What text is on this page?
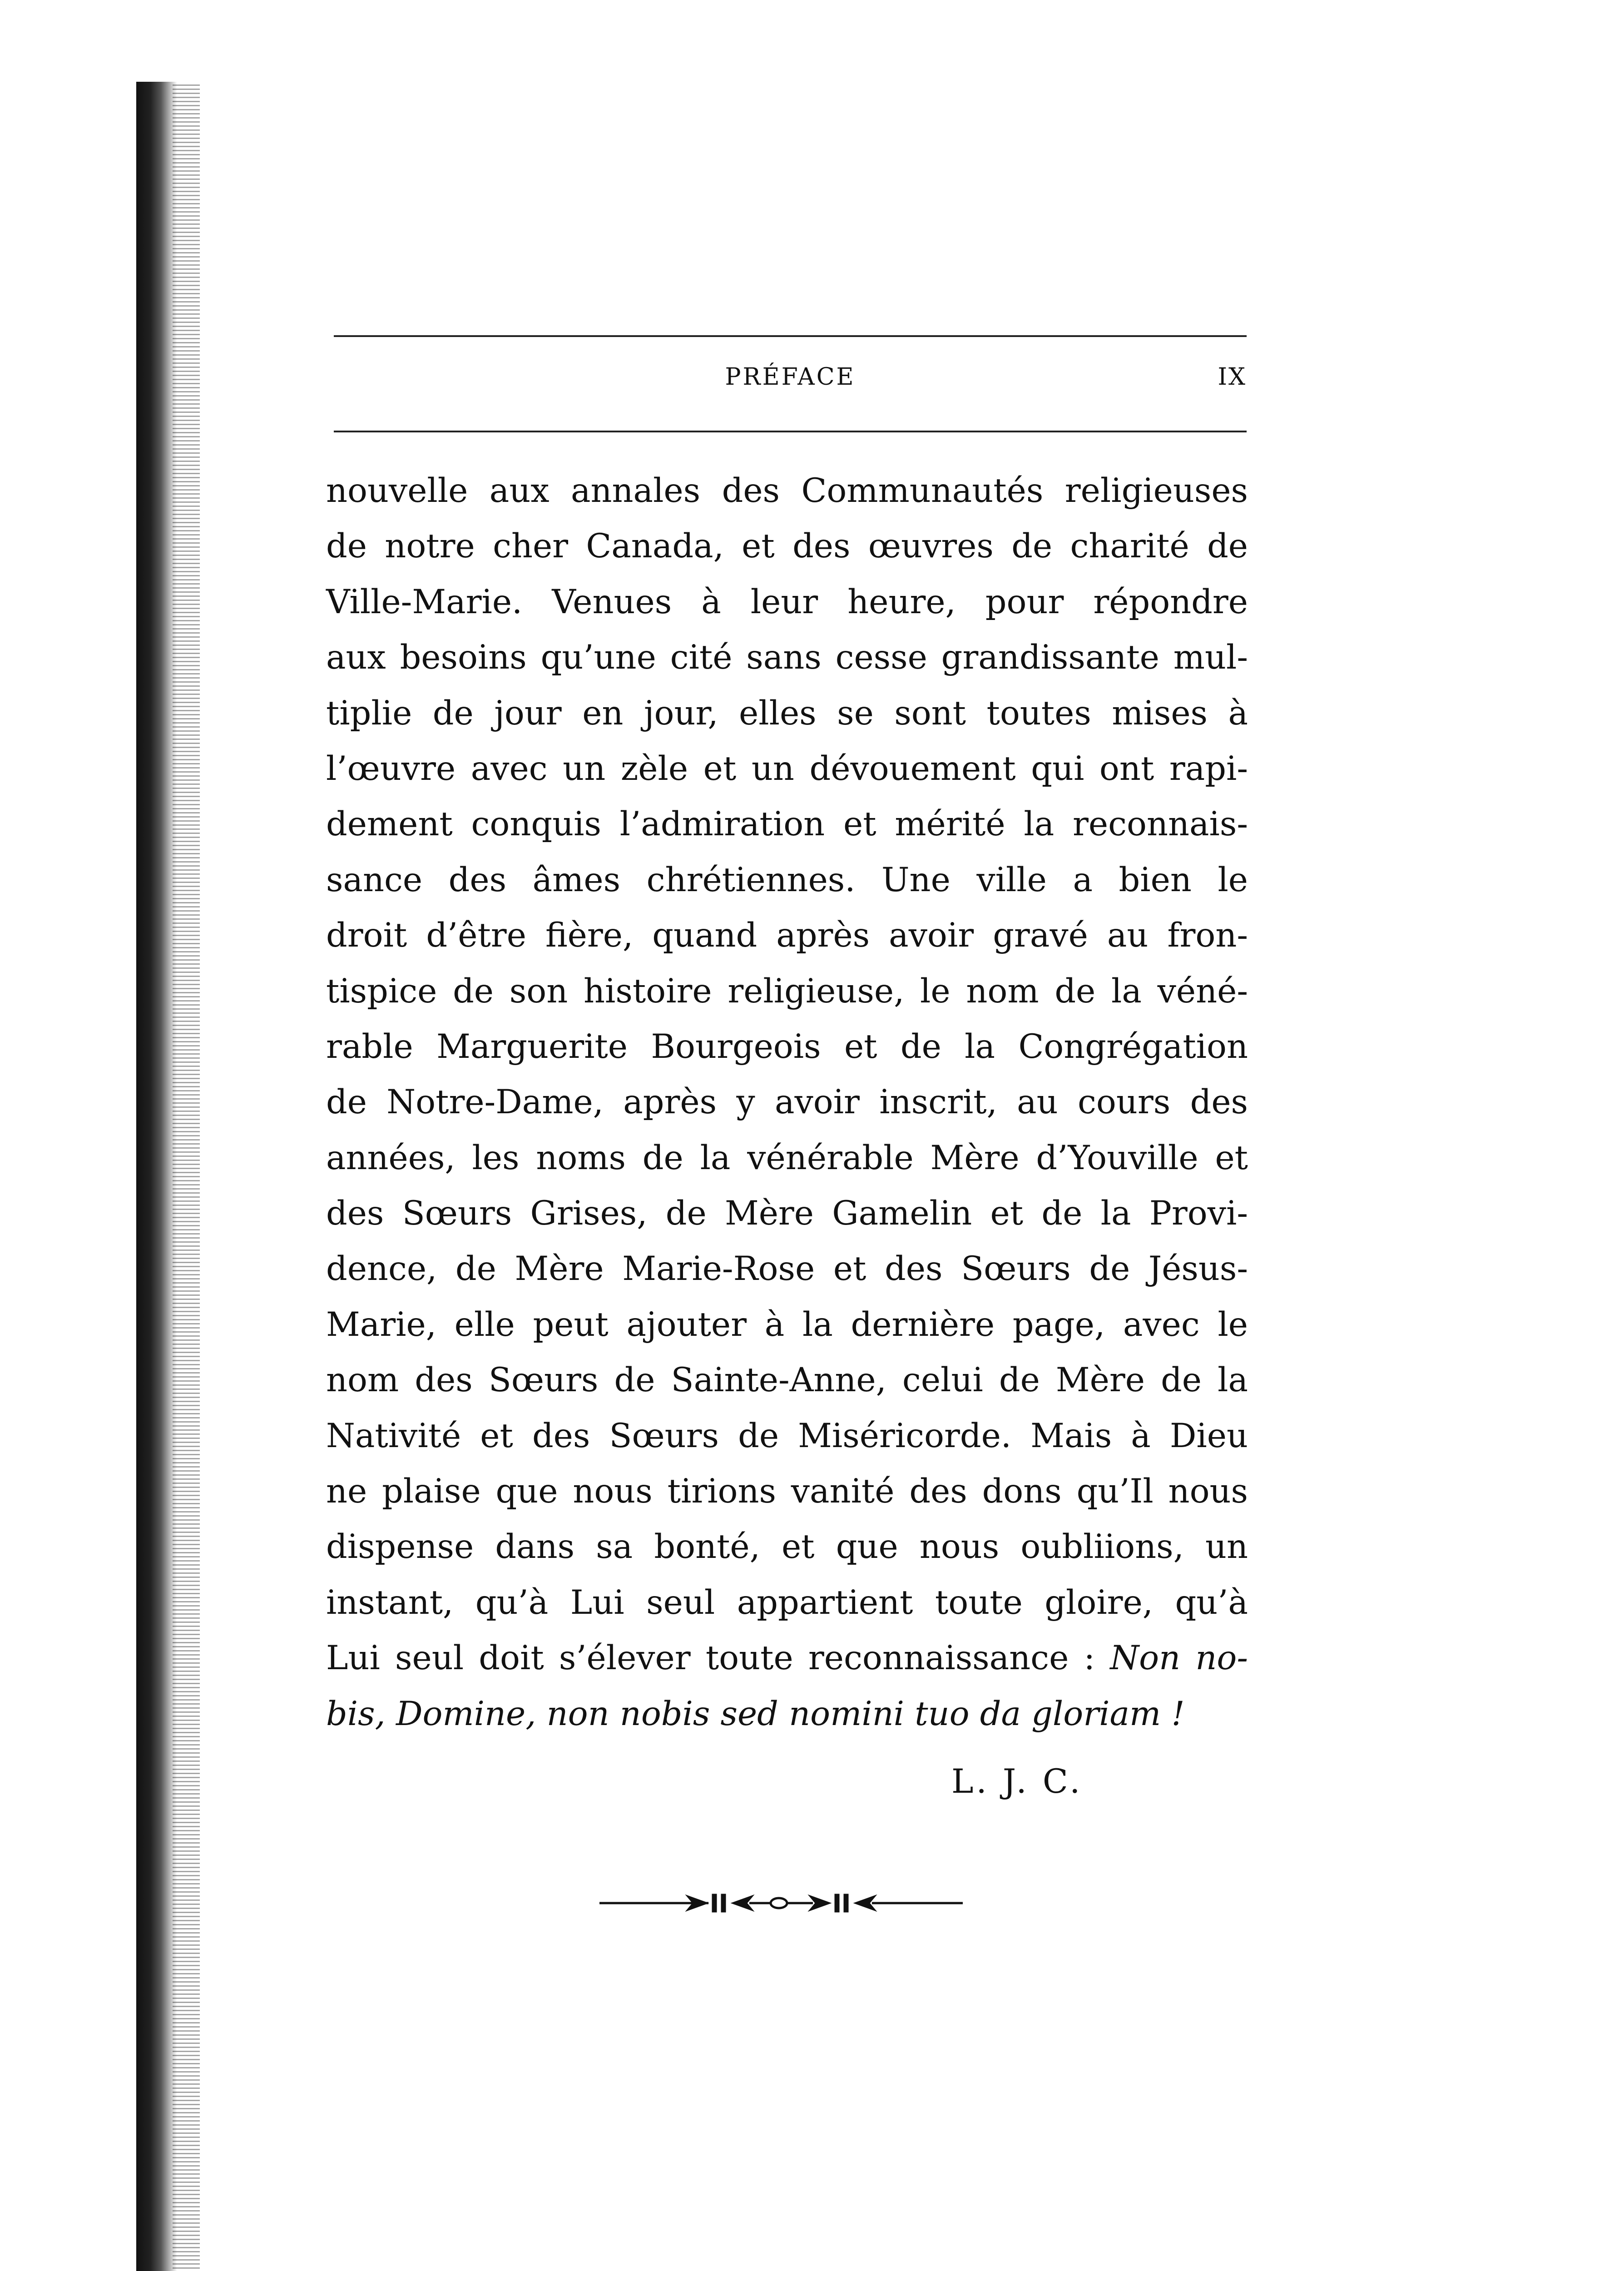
PRÉFACE	IX
nouvelle aux annales des Communautés religieuses
de notre cher Canada, et des œuvres de charité de
Ville-Marie. Venues à leur heure, pour répondre
aux besoins qu’une cité sans cesse grandissante mul-
tiplie de jour en jour, elles se sont toutes mises à
l’œuvre avec un zèle et un dévouement qui ont rapi-
dement conquis l’admiration et mérité la reconnais-
sance des âmes chrétiennes. Une ville a bien le
droit d’être fière, quand après avoir gravé au fron-
tispice de son histoire religieuse, le nom de la véné-
rable Marguerite Bourgeois et de la Congrégation
de Notre-Dame, après y avoir inscrit, au cours des
années, les noms de la vénérable Mère d’Youville et
des Sœurs Grises, de Mère Gamelin et de la Provi-
dence, de Mère Marie-Rose et des Sœurs de Jésus-
Marie, elle peut ajouter à la dernière page, avec le
nom des Sœurs de Sainte-Anne, celui de Mère de la
Nativité et des Sœurs de Miséricorde. Mais à Dieu
ne plaise que nous tirions vanité des dons qu’Il nous
dispense dans sa bonté, et que nous oubliions, un
instant, qu’à Lui seul appartient toute gloire, qu’à
Lui seul doit s’élever toute reconnaissance : Non no-
bis, Domine, non nobis sed nomini tuo da gloriam !
L. J. C.
